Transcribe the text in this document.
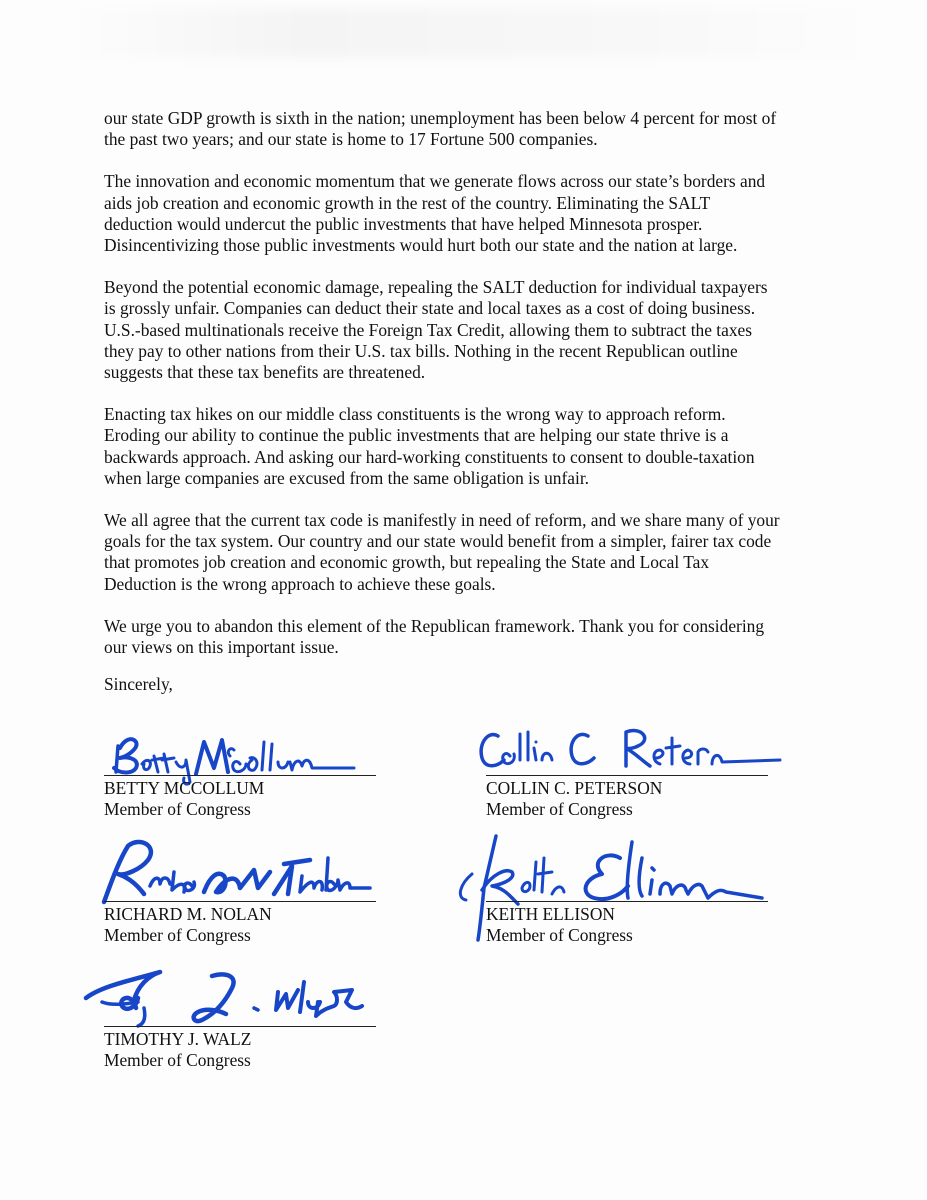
our state GDP growth is sixth in the nation; unemployment has been below 4 percent for most of
the past two years; and our state is home to 17 Fortune 500 companies.

The innovation and economic momentum that we generate flows across our state’s borders and
aids job creation and economic growth in the rest of the country. Eliminating the SALT
deduction would undercut the public investments that have helped Minnesota prosper.
Disincentivizing those public investments would hurt both our state and the nation at large.

Beyond the potential economic damage, repealing the SALT deduction for individual taxpayers
is grossly unfair. Companies can deduct their state and local taxes as a cost of doing business.
U.S.-based multinationals receive the Foreign Tax Credit, allowing them to subtract the taxes
they pay to other nations from their U.S. tax bills. Nothing in the recent Republican outline
suggests that these tax benefits are threatened.

Enacting tax hikes on our middle class constituents is the wrong way to approach reform.
Eroding our ability to continue the public investments that are helping our state thrive is a
backwards approach. And asking our hard-working constituents to consent to double-taxation
when large companies are excused from the same obligation is unfair.

We all agree that the current tax code is manifestly in need of reform, and we share many of your
goals for the tax system. Our country and our state would benefit from a simpler, fairer tax code
that promotes job creation and economic growth, but repealing the State and Local Tax
Deduction is the wrong approach to achieve these goals.

We urge you to abandon this element of the Republican framework. Thank you for considering
our views on this important issue.

Sincerely,
BETTY MCCOLLUM
Member of Congress
COLLIN C. PETERSON
Member of Congress
RICHARD M. NOLAN
Member of Congress
KEITH ELLISON
Member of Congress
TIMOTHY J. WALZ
Member of Congress
